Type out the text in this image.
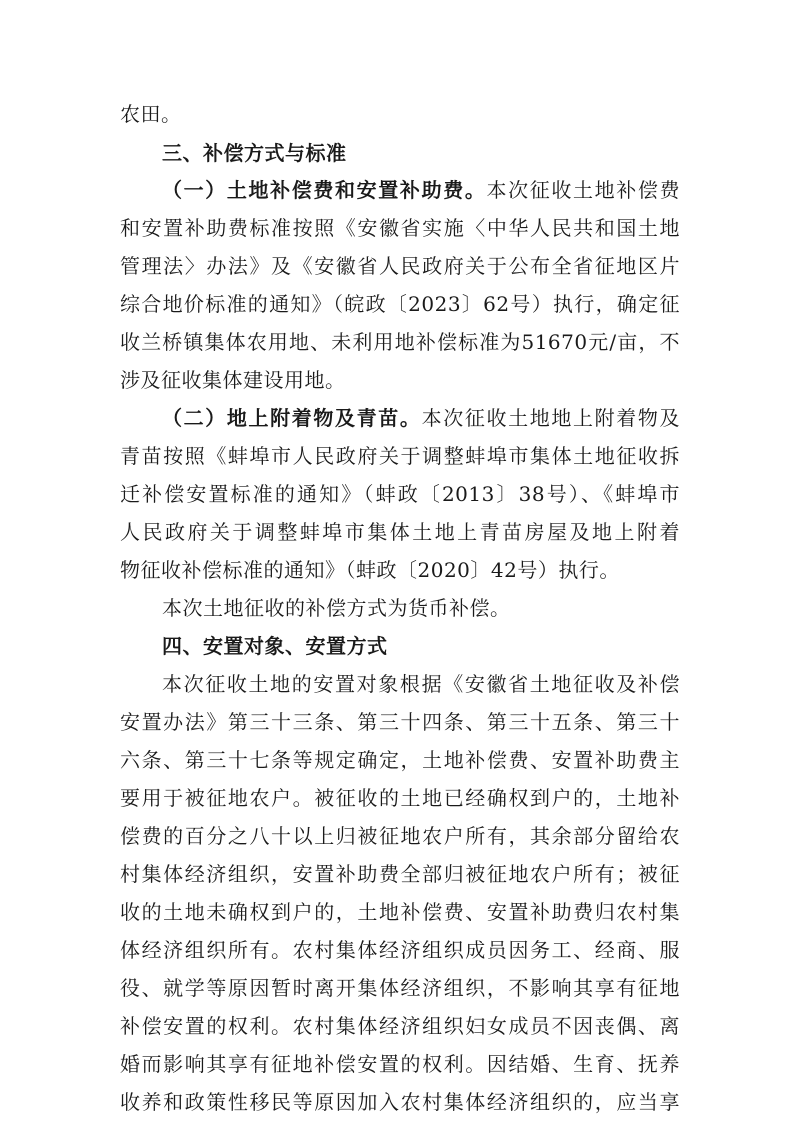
农田。
三、补偿方式与标准
（一）土地补偿费和安置补助费。本次征收土地补偿费
和安置补助费标准按照《安徽省实施〈中华人民共和国土地
管理法〉办法》及《安徽省人民政府关于公布全省征地区片
综合地价标准的通知》（皖政〔2023〕62号）执行，确定征
收兰桥镇集体农用地、未利用地补偿标准为51670元/亩，不
涉及征收集体建设用地。
（二）地上附着物及青苗。本次征收土地地上附着物及
青苗按照《蚌埠市人民政府关于调整蚌埠市集体土地征收拆
迁补偿安置标准的通知》（蚌政〔2013〕38号）、《蚌埠市
人民政府关于调整蚌埠市集体土地上青苗房屋及地上附着
物征收补偿标准的通知》（蚌政〔2020〕42号）执行。
本次土地征收的补偿方式为货币补偿。
四、安置对象、安置方式
本次征收土地的安置对象根据《安徽省土地征收及补偿
安置办法》第三十三条、第三十四条、第三十五条、第三十
六条、第三十七条等规定确定，土地补偿费、安置补助费主
要用于被征地农户。被征收的土地已经确权到户的，土地补
偿费的百分之八十以上归被征地农户所有，其余部分留给农
村集体经济组织，安置补助费全部归被征地农户所有；被征
收的土地未确权到户的，土地补偿费、安置补助费归农村集
体经济组织所有。农村集体经济组织成员因务工、经商、服
役、就学等原因暂时离开集体经济组织，不影响其享有征地
补偿安置的权利。农村集体经济组织妇女成员不因丧偶、离
婚而影响其享有征地补偿安置的权利。因结婚、生育、抚养
收养和政策性移民等原因加入农村集体经济组织的，应当享
